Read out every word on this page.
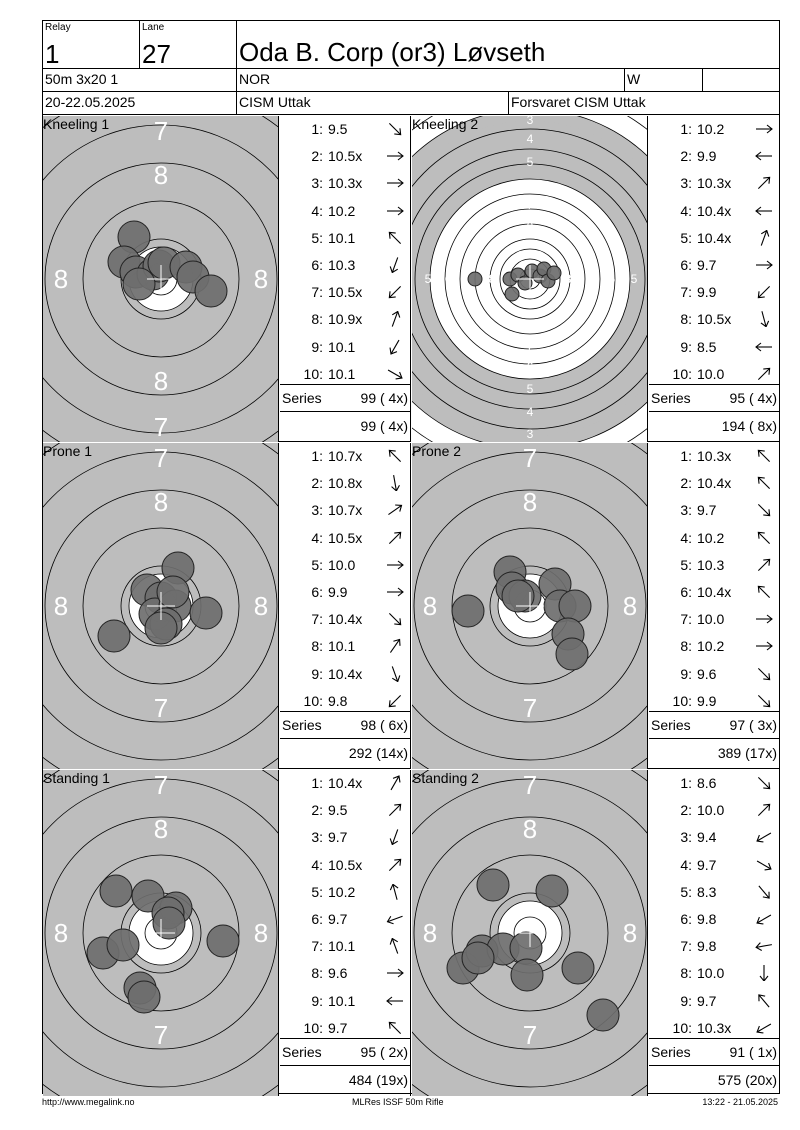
Relay
1
Lane
27	Oda B. Corp (or3) Løvseth
50m 3x20 1	NOR	W
20-22.05.2025	CISM Uttak	Forsvaret CISM Uttak
7
8
8	8
8
7
Kneeling 1	1: 9.5
2: 10.5x
3: 10.3x
4: 10.2
5: 10.1
6: 10.3
7: 10.5x
8: 10.9x
9: 10.1
10: 10.1
Series	99 ( 4x)
99 ( 4x)
3
4
5
6
7
8
5 6	8
8
7
6
5
4
3
8 7 6 5
Kneeling 2	1: 10.2
2: 9.9
3: 10.3x
4: 10.4x
5: 10.4x
6: 9.7
7: 9.9
8: 10.5x
9: 8.5
10: 10.0
Series	95 ( 4x)
194 ( 8x)
7
8
8	8
7
Prone 1	1: 10.7x
2: 10.8x
3: 10.7x
4: 10.5x
5: 10.0
6: 9.9
7: 10.4x
8: 10.1
9: 10.4x
10: 9.8
Series	98 ( 6x)
292 (14x)
7
8
8	8
7
Prone 2	1: 10.3x
2: 10.4x
3: 9.7
4: 10.2
5: 10.3
6: 10.4x
7: 10.0
8: 10.2
9: 9.6
10: 9.9
Series	97 ( 3x)
389 (17x)
7
8
8	8
7
Standing 1	1: 10.4x
2: 9.5
3: 9.7
4: 10.5x
5: 10.2
6: 9.7
7: 10.1
8: 9.6
9: 10.1
10: 9.7
Series	95 ( 2x)
484 (19x)
7
8
8	8
7
Standing 2	1: 8.6
2: 10.0
3: 9.4
4: 9.7
5: 8.3
6: 9.8
7: 9.8
8: 10.0
9: 9.7
10: 10.3x
Series	91 ( 1x)
575 (20x)
http://www.megalink.no	MLRes ISSF 50m Rifle	13:22 - 21.05.2025
